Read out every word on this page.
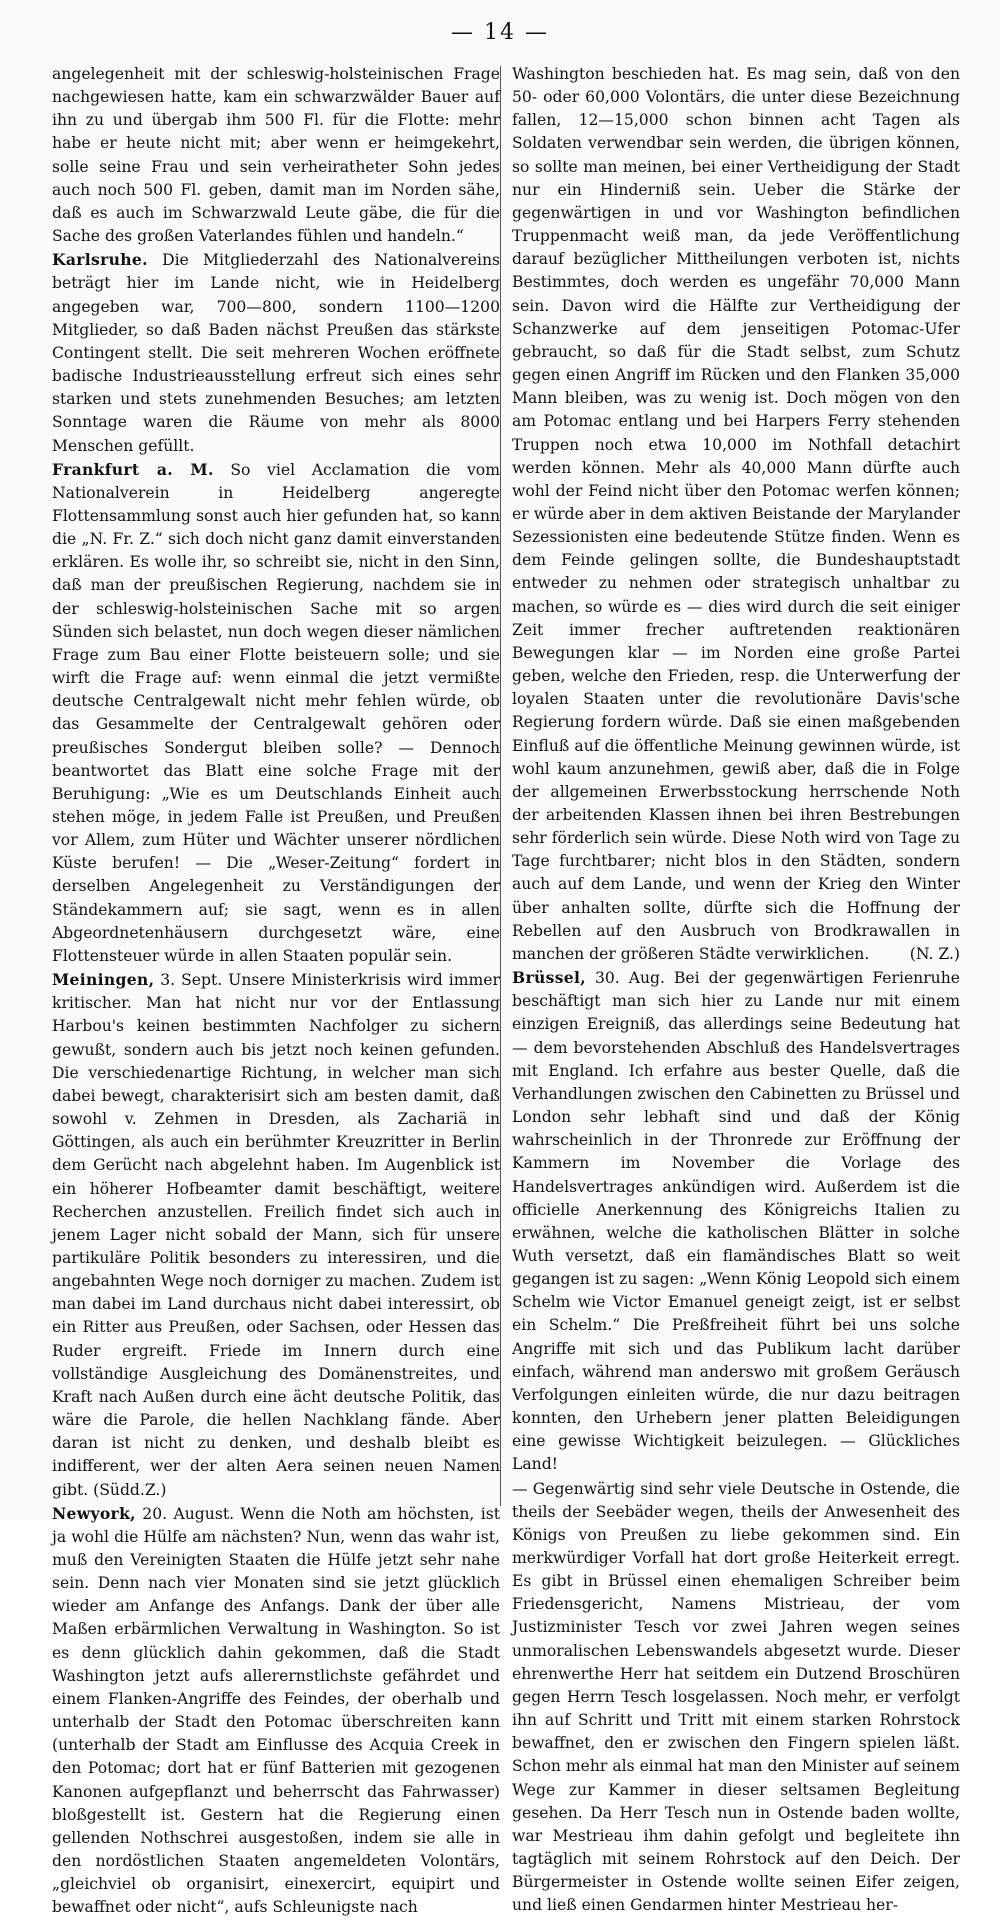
— 14 —

angelegenheit mit der schleswig-holsteinischen Frage nachgewiesen hatte, kam ein schwarzwälder Bauer auf ihn zu und übergab ihm 500 Fl. für die Flotte: mehr habe er heute nicht mit; aber wenn er heimgekehrt, solle seine Frau und sein verheiratheter Sohn jedes auch noch 500 Fl. geben, damit man im Norden sähe, daß es auch im Schwarzwald Leute gäbe, die für die Sache des großen Vaterlandes fühlen und handeln.“

Karlsruhe. Die Mitgliederzahl des Nationalvereins beträgt hier im Lande nicht, wie in Heidelberg angegeben war, 700—800, sondern 1100—1200 Mitglieder, so daß Baden nächst Preußen das stärkste Contingent stellt. Die seit mehreren Wochen eröffnete badische Industrieausstellung erfreut sich eines sehr starken und stets zunehmenden Besuches; am letzten Sonntage waren die Räume von mehr als 8000 Menschen gefüllt.

Frankfurt a. M. So viel Acclamation die vom Nationalverein in Heidelberg angeregte Flottensammlung sonst auch hier gefunden hat, so kann die „N. Fr. Z.“ sich doch nicht ganz damit einverstanden erklären. Es wolle ihr, so schreibt sie, nicht in den Sinn, daß man der preußischen Regierung, nachdem sie in der schleswig-holsteinischen Sache mit so argen Sünden sich belastet, nun doch wegen dieser nämlichen Frage zum Bau einer Flotte beisteuern solle; und sie wirft die Frage auf: wenn einmal die jetzt vermißte deutsche Centralgewalt nicht mehr fehlen würde, ob das Gesammelte der Centralgewalt gehören oder preußisches Sondergut bleiben solle? — Dennoch beantwortet das Blatt eine solche Frage mit der Beruhigung: „Wie es um Deutschlands Einheit auch stehen möge, in jedem Falle ist Preußen, und Preußen vor Allem, zum Hüter und Wächter unserer nördlichen Küste berufen! — Die „Weser-Zeitung“ fordert in derselben Angelegenheit zu Verständigungen der Ständekammern auf; sie sagt, wenn es in allen Abgeordnetenhäusern durchgesetzt wäre, eine Flottensteuer würde in allen Staaten populär sein.

Meiningen, 3. Sept. Unsere Ministerkrisis wird immer kritischer. Man hat nicht nur vor der Entlassung Harbou's keinen bestimmten Nachfolger zu sichern gewußt, sondern auch bis jetzt noch keinen gefunden. Die verschiedenartige Richtung, in welcher man sich dabei bewegt, charakterisirt sich am besten damit, daß sowohl v. Zehmen in Dresden, als Zachariä in Göttingen, als auch ein berühmter Kreuzritter in Berlin dem Gerücht nach abgelehnt haben. Im Augenblick ist ein höherer Hofbeamter damit beschäftigt, weitere Recherchen anzustellen. Freilich findet sich auch in jenem Lager nicht sobald der Mann, sich für unsere partikuläre Politik besonders zu interessiren, und die angebahnten Wege noch dorniger zu machen. Zudem ist man dabei im Land durchaus nicht dabei interessirt, ob ein Ritter aus Preußen, oder Sachsen, oder Hessen das Ruder ergreift. Friede im Innern durch eine vollständige Ausgleichung des Domänenstreites, und Kraft nach Außen durch eine ächt deutsche Politik, das wäre die Parole, die hellen Nachklang fände. Aber daran ist nicht zu denken, und deshalb bleibt es indifferent, wer der alten Aera seinen neuen Namen gibt. (Südd.Z.)

Newyork, 20. August. Wenn die Noth am höchsten, ist ja wohl die Hülfe am nächsten? Nun, wenn das wahr ist, muß den Vereinigten Staaten die Hülfe jetzt sehr nahe sein. Denn nach vier Monaten sind sie jetzt glücklich wieder am Anfange des Anfangs. Dank der über alle Maßen erbärmlichen Verwaltung in Washington. So ist es denn glücklich dahin gekommen, daß die Stadt Washington jetzt aufs allerernstlichste gefährdet und einem Flanken-Angriffe des Feindes, der oberhalb und unterhalb der Stadt den Potomac überschreiten kann (unterhalb der Stadt am Einflusse des Acquia Creek in den Potomac; dort hat er fünf Batterien mit gezogenen Kanonen aufgepflanzt und beherrscht das Fahrwasser) bloßgestellt ist. Gestern hat die Regierung einen gellenden Nothschrei ausgestoßen, indem sie alle in den nordöstlichen Staaten angemeldeten Volontärs, „gleichviel ob organisirt, einexercirt, equipirt und bewaffnet oder nicht“, aufs Schleunigste nach

Washington beschieden hat. Es mag sein, daß von den 50- oder 60,000 Volontärs, die unter diese Bezeichnung fallen, 12—15,000 schon binnen acht Tagen als Soldaten verwendbar sein werden, die übrigen können, so sollte man meinen, bei einer Vertheidigung der Stadt nur ein Hinderniß sein. Ueber die Stärke der gegenwärtigen in und vor Washington befindlichen Truppenmacht weiß man, da jede Veröffentlichung darauf bezüglicher Mittheilungen verboten ist, nichts Bestimmtes, doch werden es ungefähr 70,000 Mann sein. Davon wird die Hälfte zur Vertheidigung der Schanzwerke auf dem jenseitigen Potomac-Ufer gebraucht, so daß für die Stadt selbst, zum Schutz gegen einen Angriff im Rücken und den Flanken 35,000 Mann bleiben, was zu wenig ist. Doch mögen von den am Potomac entlang und bei Harpers Ferry stehenden Truppen noch etwa 10,000 im Nothfall detachirt werden können. Mehr als 40,000 Mann dürfte auch wohl der Feind nicht über den Potomac werfen können; er würde aber in dem aktiven Beistande der Marylander Sezessionisten eine bedeutende Stütze finden. Wenn es dem Feinde gelingen sollte, die Bundeshauptstadt entweder zu nehmen oder strategisch unhaltbar zu machen, so würde es — dies wird durch die seit einiger Zeit immer frecher auftretenden reaktionären Bewegungen klar — im Norden eine große Partei geben, welche den Frieden, resp. die Unterwerfung der loyalen Staaten unter die revolutionäre Davis'sche Regierung fordern würde. Daß sie einen maßgebenden Einfluß auf die öffentliche Meinung gewinnen würde, ist wohl kaum anzunehmen, gewiß aber, daß die in Folge der allgemeinen Erwerbsstockung herrschende Noth der arbeitenden Klassen ihnen bei ihren Bestrebungen sehr förderlich sein würde. Diese Noth wird von Tage zu Tage furchtbarer; nicht blos in den Städten, sondern auch auf dem Lande, und wenn der Krieg den Winter über anhalten sollte, dürfte sich die Hoffnung der Rebellen auf den Ausbruch von Brodkrawallen in manchen der größeren Städte verwirklichen.	(N. Z.)

Brüssel, 30. Aug. Bei der gegenwärtigen Ferienruhe beschäftigt man sich hier zu Lande nur mit einem einzigen Ereigniß, das allerdings seine Bedeutung hat — dem bevorstehenden Abschluß des Handelsvertrages mit England. Ich erfahre aus bester Quelle, daß die Verhandlungen zwischen den Cabinetten zu Brüssel und London sehr lebhaft sind und daß der König wahrscheinlich in der Thronrede zur Eröffnung der Kammern im November die Vorlage des Handelsvertrages ankündigen wird. Außerdem ist die officielle Anerkennung des Königreichs Italien zu erwähnen, welche die katholischen Blätter in solche Wuth versetzt, daß ein flamändisches Blatt so weit gegangen ist zu sagen: „Wenn König Leopold sich einem Schelm wie Victor Emanuel geneigt zeigt, ist er selbst ein Schelm.“ Die Preßfreiheit führt bei uns solche Angriffe mit sich und das Publikum lacht darüber einfach, während man anderswo mit großem Geräusch Verfolgungen einleiten würde, die nur dazu beitragen konnten, den Urhebern jener platten Beleidigungen eine gewisse Wichtigkeit beizulegen. — Glückliches Land!

— Gegenwärtig sind sehr viele Deutsche in Ostende, die theils der Seebäder wegen, theils der Anwesenheit des Königs von Preußen zu liebe gekommen sind. Ein merkwürdiger Vorfall hat dort große Heiterkeit erregt. Es gibt in Brüssel einen ehemaligen Schreiber beim Friedensgericht, Namens Mistrieau, der vom Justizminister Tesch vor zwei Jahren wegen seines unmoralischen Lebenswandels abgesetzt wurde. Dieser ehrenwerthe Herr hat seitdem ein Dutzend Broschüren gegen Herrn Tesch losgelassen. Noch mehr, er verfolgt ihn auf Schritt und Tritt mit einem starken Rohrstock bewaffnet, den er zwischen den Fingern spielen läßt. Schon mehr als einmal hat man den Minister auf seinem Wege zur Kammer in dieser seltsamen Begleitung gesehen. Da Herr Tesch nun in Ostende baden wollte, war Mestrieau ihm dahin gefolgt und begleitete ihn tagtäglich mit seinem Rohrstock auf den Deich. Der Bürgermeister in Ostende wollte seinen Eifer zeigen, und ließ einen Gendarmen hinter Mestrieau her-
